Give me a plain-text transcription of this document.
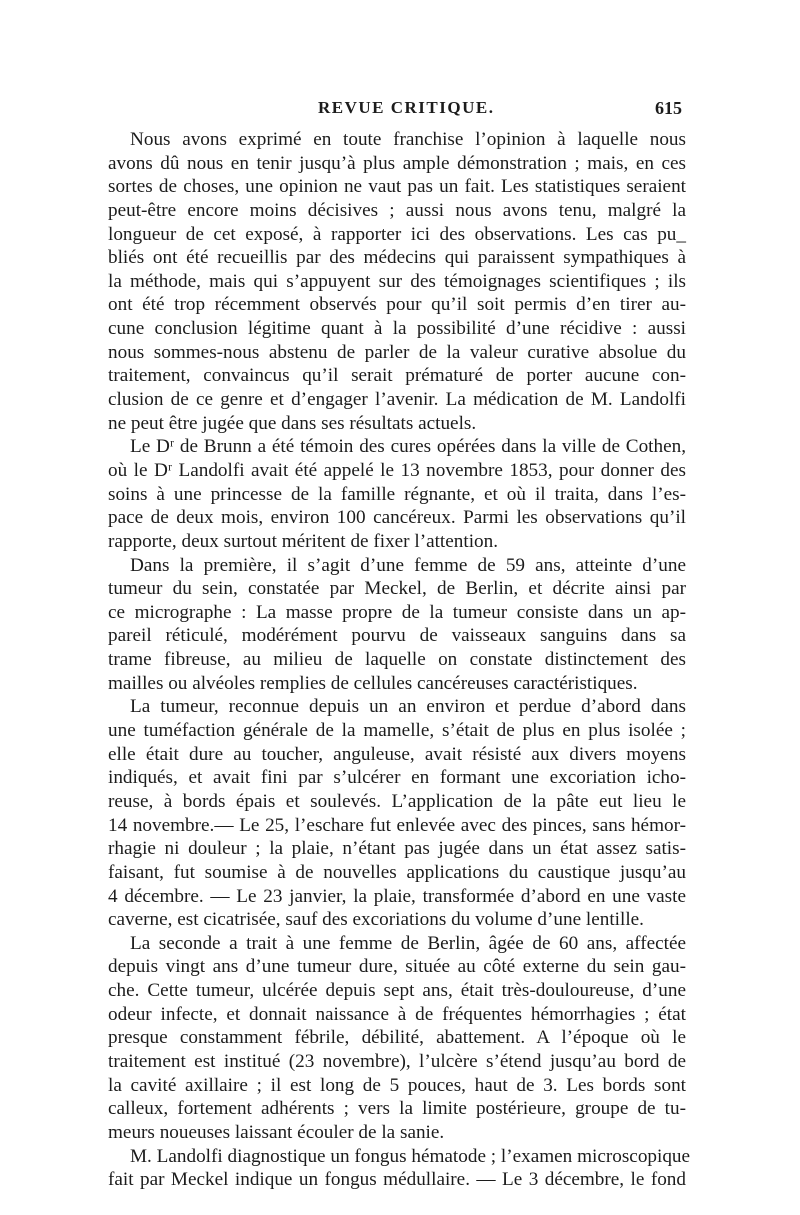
REVUE CRITIQUE.	615
Nous avons exprimé en toute franchise l’opinion à laquelle nous
avons dû nous en tenir jusqu’à plus ample démonstration ; mais, en ces
sortes de choses, une opinion ne vaut pas un fait. Les statistiques seraient
peut-être encore moins décisives ; aussi nous avons tenu, malgré la
longueur de cet exposé, à rapporter ici des observations. Les cas pu_
bliés ont été recueillis par des médecins qui paraissent sympathiques à
la méthode, mais qui s’appuyent sur des témoignages scientifiques ; ils
ont été trop récemment observés pour qu’il soit permis d’en tirer au-
cune conclusion légitime quant à la possibilité d’une récidive : aussi
nous sommes-nous abstenu de parler de la valeur curative absolue du
traitement, convaincus qu’il serait prématuré de porter aucune con-
clusion de ce genre et d’engager l’avenir. La médication de M. Landolfi
ne peut être jugée que dans ses résultats actuels.
Le Dʳ de Brunn a été témoin des cures opérées dans la ville de Cothen,
où le Dʳ Landolfi avait été appelé le 13 novembre 1853, pour donner des
soins à une princesse de la famille régnante, et où il traita, dans l’es-
pace de deux mois, environ 100 cancéreux. Parmi les observations qu’il
rapporte, deux surtout méritent de fixer l’attention.
Dans la première, il s’agit d’une femme de 59 ans, atteinte d’une
tumeur du sein, constatée par Meckel, de Berlin, et décrite ainsi par
ce micrographe : La masse propre de la tumeur consiste dans un ap-
pareil réticulé, modérément pourvu de vaisseaux sanguins dans sa
trame fibreuse, au milieu de laquelle on constate distinctement des
mailles ou alvéoles remplies de cellules cancéreuses caractéristiques.
La tumeur, reconnue depuis un an environ et perdue d’abord dans
une tuméfaction générale de la mamelle, s’était de plus en plus isolée ;
elle était dure au toucher, anguleuse, avait résisté aux divers moyens
indiqués, et avait fini par s’ulcérer en formant une excoriation icho-
reuse, à bords épais et soulevés. L’application de la pâte eut lieu le
14 novembre.— Le 25, l’eschare fut enlevée avec des pinces, sans hémor-
rhagie ni douleur ; la plaie, n’étant pas jugée dans un état assez satis-
faisant, fut soumise à de nouvelles applications du caustique jusqu’au
4 décembre. — Le 23 janvier, la plaie, transformée d’abord en une vaste
caverne, est cicatrisée, sauf des excoriations du volume d’une lentille.
La seconde a trait à une femme de Berlin, âgée de 60 ans, affectée
depuis vingt ans d’une tumeur dure, située au côté externe du sein gau-
che. Cette tumeur, ulcérée depuis sept ans, était très-douloureuse, d’une
odeur infecte, et donnait naissance à de fréquentes hémorrhagies ; état
presque constamment fébrile, débilité, abattement. A l’époque où le
traitement est institué (23 novembre), l’ulcère s’étend jusqu’au bord de
la cavité axillaire ; il est long de 5 pouces, haut de 3. Les bords sont
calleux, fortement adhérents ; vers la limite postérieure, groupe de tu-
meurs noueuses laissant écouler de la sanie.
M. Landolfi diagnostique un fongus hématode ; l’examen microscopique
fait par Meckel indique un fongus médullaire. — Le 3 décembre, le fond
